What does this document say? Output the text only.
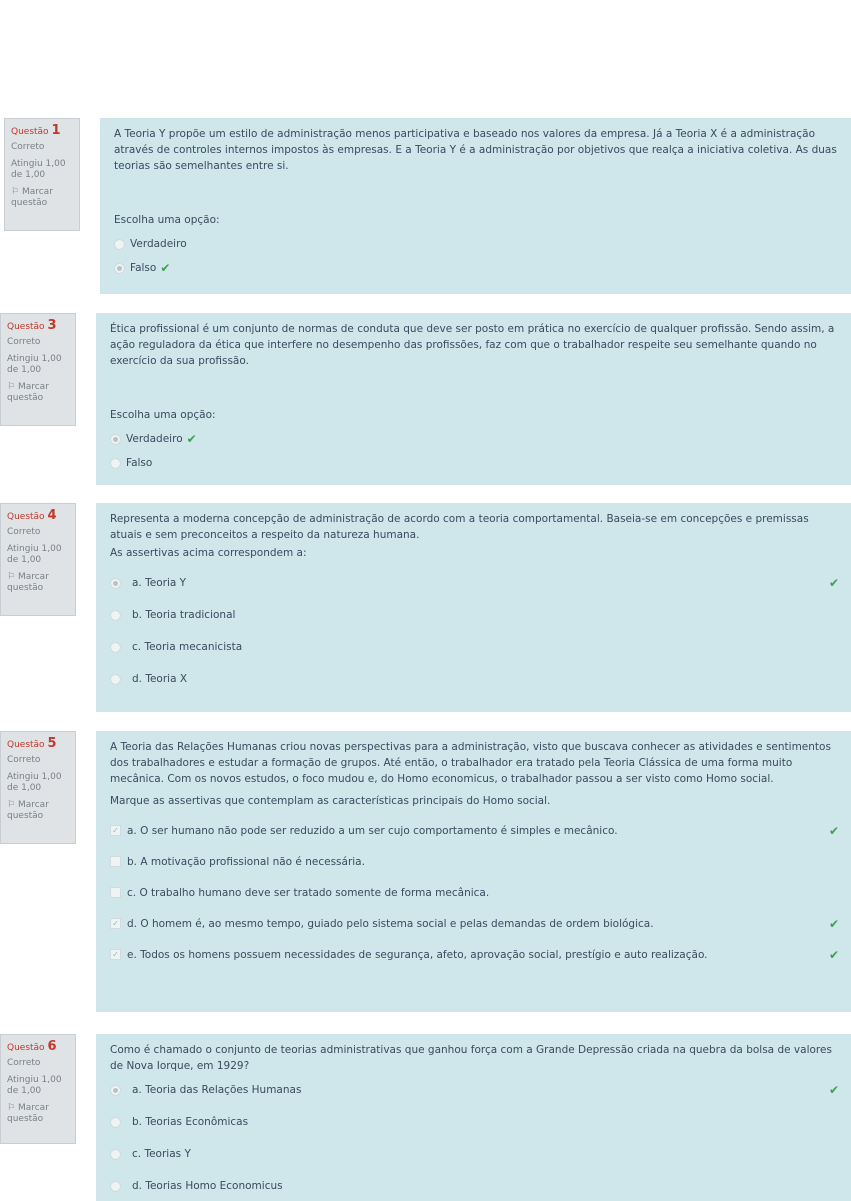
Questão 1
Correto
Atingiu 1,00 de 1,00
⚐ Marcar questão

A Teoria Y propõe um estilo de administração menos participativa e baseado nos valores da empresa. Já a Teoria X é a administração através de controles internos impostos às empresas. E a Teoria Y é a administração por objetivos que realça a iniciativa coletiva. As duas teorias são semelhantes entre si.

Escolha uma opção:
Verdadeiro
Falso ✔
Questão 3
Correto
Atingiu 1,00 de 1,00
⚐ Marcar questão

Ética profissional é um conjunto de normas de conduta que deve ser posto em prática no exercício de qualquer profissão. Sendo assim, a ação reguladora da ética que interfere no desempenho das profissões, faz com que o trabalhador respeite seu semelhante quando no exercício da sua profissão.

Escolha uma opção:
Verdadeiro ✔
Falso
Questão 4
Correto
Atingiu 1,00 de 1,00
⚐ Marcar questão

Representa a moderna concepção de administração de acordo com a teoria comportamental. Baseia-se em concepções e premissas atuais e sem preconceitos a respeito da natureza humana.

As assertivas acima correspondem a:
a. Teoria Y	✔
b. Teoria tradicional
c. Teoria mecanicista
d. Teoria X
Questão 5
Correto
Atingiu 1,00 de 1,00
⚐ Marcar questão

A Teoria das Relações Humanas criou novas perspectivas para a administração, visto que buscava conhecer as atividades e sentimentos dos trabalhadores e estudar a formação de grupos. Até então, o trabalhador era tratado pela Teoria Clássica de uma forma muito mecânica. Com os novos estudos, o foco mudou e, do Homo economicus, o trabalhador passou a ser visto como Homo social.

Marque as assertivas que contemplam as características principais do Homo social.
✓ a. O ser humano não pode ser reduzido a um ser cujo comportamento é simples e mecânico.	✔
b. A motivação profissional não é necessária.
c. O trabalho humano deve ser tratado somente de forma mecânica.
✓ d. O homem é, ao mesmo tempo, guiado pelo sistema social e pelas demandas de ordem biológica.	✔
✓ e. Todos os homens possuem necessidades de segurança, afeto, aprovação social, prestígio e auto realização.	✔
Questão 6
Correto
Atingiu 1,00 de 1,00
⚐ Marcar questão

Como é chamado o conjunto de teorias administrativas que ganhou força com a Grande Depressão criada na quebra da bolsa de valores de Nova Iorque, em 1929?

a. Teoria das Relações Humanas	✔
b. Teorias Econômicas
c. Teorias Y
d. Teorias Homo Economicus
